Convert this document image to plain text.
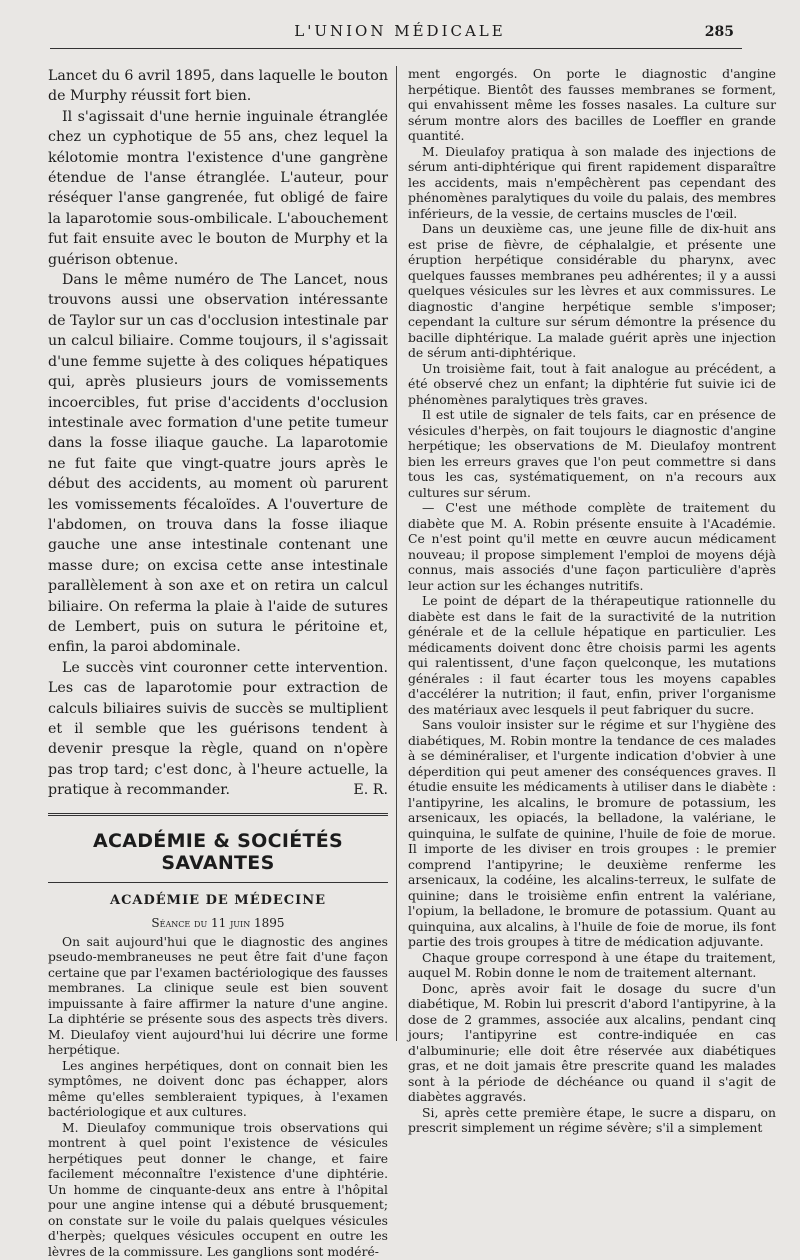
L'UNION MÉDICALE	285

Lancet du 6 avril 1895, dans laquelle le bouton de Murphy réussit fort bien.

Il s'agissait d'une hernie inguinale étranglée chez un cyphotique de 55 ans, chez lequel la kélotomie montra l'existence d'une gangrène étendue de l'anse étranglée. L'auteur, pour réséquer l'anse gangrenée, fut obligé de faire la laparotomie sous-ombilicale. L'abouchement fut fait ensuite avec le bouton de Murphy et la guérison obtenue.

Dans le même numéro de The Lancet, nous trouvons aussi une observation intéressante de Taylor sur un cas d'occlusion intestinale par un calcul biliaire. Comme toujours, il s'agissait d'une femme sujette à des coliques hépatiques qui, après plusieurs jours de vomissements incoercibles, fut prise d'accidents d'occlusion intestinale avec formation d'une petite tumeur dans la fosse iliaque gauche. La laparotomie ne fut faite que vingt-quatre jours après le début des accidents, au moment où parurent les vomissements fécaloïdes. A l'ouverture de l'abdomen, on trouva dans la fosse iliaque gauche une anse intestinale contenant une masse dure; on excisa cette anse intestinale parallèlement à son axe et on retira un calcul biliaire. On referma la plaie à l'aide de sutures de Lembert, puis on sutura le péritoine et, enfin, la paroi abdominale.

Le succès vint couronner cette intervention. Les cas de laparotomie pour extraction de calculs biliaires suivis de succès se multiplient et il semble que les guérisons tendent à devenir presque la règle, quand on n'opère pas trop tard; c'est donc, à l'heure actuelle, la pratique à recommander.	E. R.

ACADÉMIE & SOCIÉTÉS SAVANTES
ACADÉMIE DE MÉDECINE
Séance du 11 juin 1895

On sait aujourd'hui que le diagnostic des angines pseudo-membraneuses ne peut être fait d'une façon certaine que par l'examen bactériologique des fausses membranes. La clinique seule est bien souvent impuissante à faire affirmer la nature d'une angine. La diphtérie se présente sous des aspects très divers. M. Dieulafoy vient aujourd'hui lui décrire une forme herpétique.

Les angines herpétiques, dont on connait bien les symptômes, ne doivent donc pas échapper, alors même qu'elles sembleraient typiques, à l'examen bactériologique et aux cultures.

M. Dieulafoy communique trois observations qui montrent à quel point l'existence de vésicules herpétiques peut donner le change, et faire facilement méconnaître l'existence d'une diphtérie. Un homme de cinquante-deux ans entre à l'hôpital pour une angine intense qui a débuté brusquement; on constate sur le voile du palais quelques vésicules d'herpès; quelques vésicules occupent en outre les lèvres de la commissure. Les ganglions sont modéré-

ment engorgés. On porte le diagnostic d'angine herpétique. Bientôt des fausses membranes se forment, qui envahissent même les fosses nasales. La culture sur sérum montre alors des bacilles de Loeffler en grande quantité.

M. Dieulafoy pratiqua à son malade des injections de sérum anti-diphtérique qui firent rapidement disparaître les accidents, mais n'empêchèrent pas cependant des phénomènes paralytiques du voile du palais, des membres inférieurs, de la vessie, de certains muscles de l'œil.

Dans un deuxième cas, une jeune fille de dix-huit ans est prise de fièvre, de céphalalgie, et présente une éruption herpétique considérable du pharynx, avec quelques fausses membranes peu adhérentes; il y a aussi quelques vésicules sur les lèvres et aux commissures. Le diagnostic d'angine herpétique semble s'imposer; cependant la culture sur sérum démontre la présence du bacille diphtérique. La malade guérit après une injection de sérum anti-diphtérique.

Un troisième fait, tout à fait analogue au précédent, a été observé chez un enfant; la diphtérie fut suivie ici de phénomènes paralytiques très graves.

Il est utile de signaler de tels faits, car en présence de vésicules d'herpès, on fait toujours le diagnostic d'angine herpétique; les observations de M. Dieulafoy montrent bien les erreurs graves que l'on peut commettre si dans tous les cas, systématiquement, on n'a recours aux cultures sur sérum.

— C'est une méthode complète de traitement du diabète que M. A. Robin présente ensuite à l'Académie. Ce n'est point qu'il mette en œuvre aucun médicament nouveau; il propose simplement l'emploi de moyens déjà connus, mais associés d'une façon particulière d'après leur action sur les échanges nutritifs.

Le point de départ de la thérapeutique rationnelle du diabète est dans le fait de la suractivité de la nutrition générale et de la cellule hépatique en particulier. Les médicaments doivent donc être choisis parmi les agents qui ralentissent, d'une façon quelconque, les mutations générales : il faut écarter tous les moyens capables d'accélérer la nutrition; il faut, enfin, priver l'organisme des matériaux avec lesquels il peut fabriquer du sucre.

Sans vouloir insister sur le régime et sur l'hygiène des diabétiques, M. Robin montre la tendance de ces malades à se déminéraliser, et l'urgente indication d'obvier à une déperdition qui peut amener des conséquences graves. Il étudie ensuite les médicaments à utiliser dans le diabète : l'antipyrine, les alcalins, le bromure de potassium, les arsenicaux, les opiacés, la belladone, la valériane, le quinquina, le sulfate de quinine, l'huile de foie de morue. Il importe de les diviser en trois groupes : le premier comprend l'antipyrine; le deuxième renferme les arsenicaux, la codéine, les alcalins-terreux, le sulfate de quinine; dans le troisième enfin entrent la valériane, l'opium, la belladone, le bromure de potassium. Quant au quinquina, aux alcalins, à l'huile de foie de morue, ils font partie des trois groupes à titre de médication adjuvante.

Chaque groupe correspond à une étape du traitement, auquel M. Robin donne le nom de traitement alternant.

Donc, après avoir fait le dosage du sucre d'un diabétique, M. Robin lui prescrit d'abord l'antipyrine, à la dose de 2 grammes, associée aux alcalins, pendant cinq jours; l'antipyrine est contre-indiquée en cas d'albuminurie; elle doit être réservée aux diabétiques gras, et ne doit jamais être prescrite quand les malades sont à la période de déchéance ou quand il s'agit de diabètes aggravés.

Si, après cette première étape, le sucre a disparu, on prescrit simplement un régime sévère; s'il a simplement
